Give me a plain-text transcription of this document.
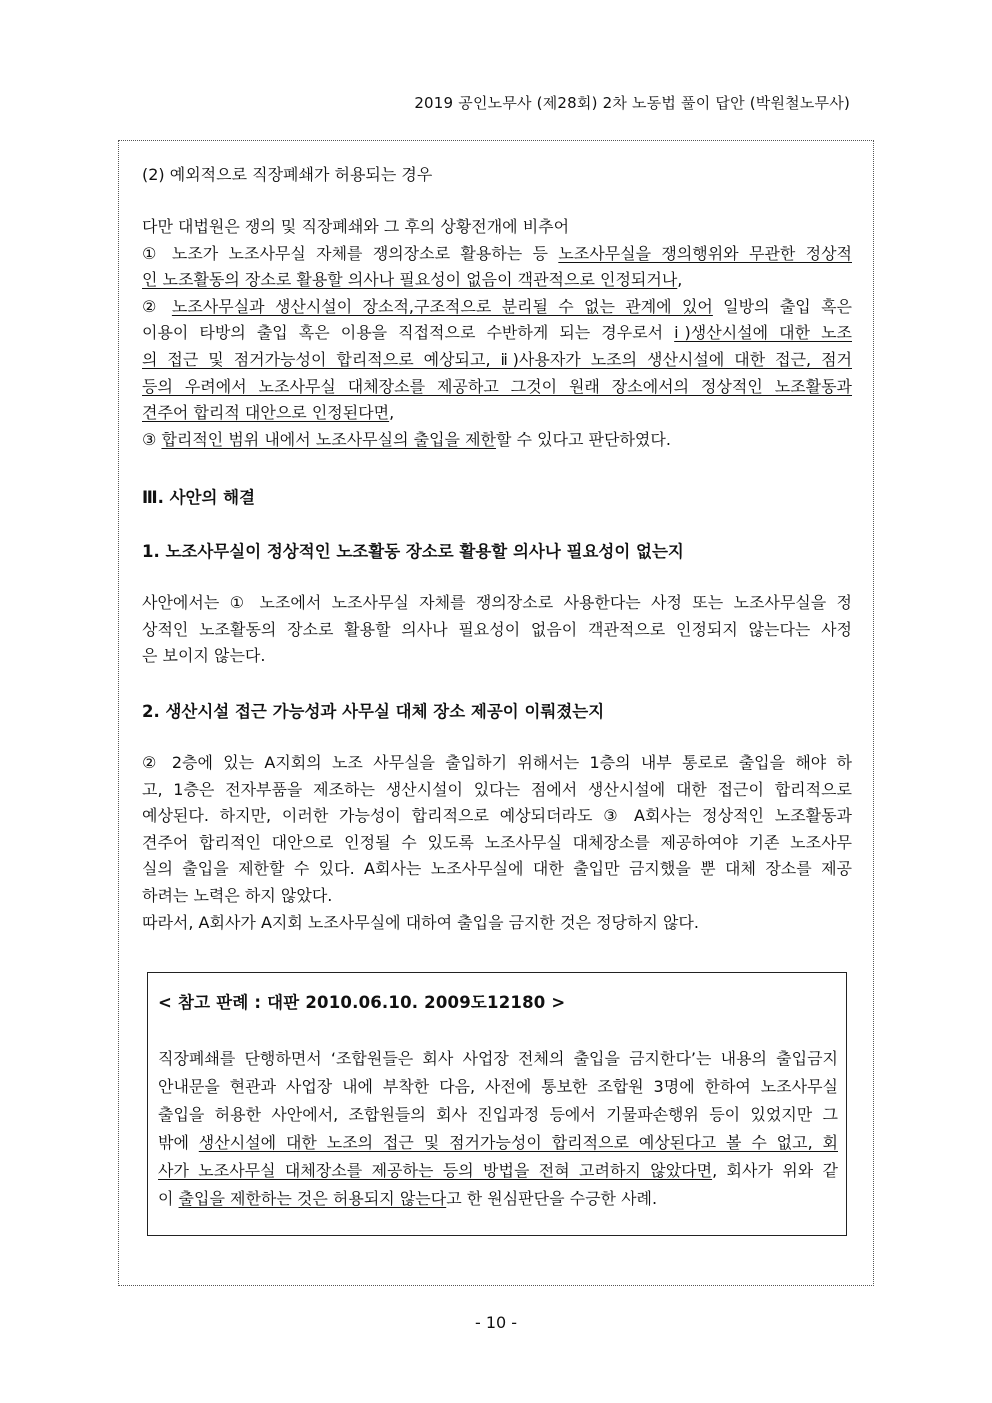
2019 공인노무사 (제28회) 2차 노동법 풀이 답안 (박원철노무사)
(2) 예외적으로 직장폐쇄가 허용되는 경우
다만 대법원은 쟁의 및 직장폐쇄와 그 후의 상황전개에 비추어
① 노조가 노조사무실 자체를 쟁의장소로 활용하는 등 노조사무실을 쟁의행위와 무관한 정상적
인 노조활동의 장소로 활용할 의사나 필요성이 없음이 객관적으로 인정되거나,
② 노조사무실과 생산시설이 장소적,구조적으로 분리될 수 없는 관계에 있어 일방의 출입 혹은
이용이 타방의 출입 혹은 이용을 직접적으로 수반하게 되는 경우로서 ⅰ)생산시설에 대한 노조
의 접근 및 점거가능성이 합리적으로 예상되고, ⅱ)사용자가 노조의 생산시설에 대한 접근, 점거
등의 우려에서 노조사무실 대체장소를 제공하고 그것이 원래 장소에서의 정상적인 노조활동과
견주어 합리적 대안으로 인정된다면,
③ 합리적인 범위 내에서 노조사무실의 출입을 제한할 수 있다고 판단하였다.
Ⅲ. 사안의 해결
1. 노조사무실이 정상적인 노조활동 장소로 활용할 의사나 필요성이 없는지
사안에서는 ① 노조에서 노조사무실 자체를 쟁의장소로 사용한다는 사정 또는 노조사무실을 정
상적인 노조활동의 장소로 활용할 의사나 필요성이 없음이 객관적으로 인정되지 않는다는 사정
은 보이지 않는다.
2. 생산시설 접근 가능성과 사무실 대체 장소 제공이 이뤄졌는지
② 2층에 있는 A지회의 노조 사무실을 출입하기 위해서는 1층의 내부 통로로 출입을 해야 하
고, 1층은 전자부품을 제조하는 생산시설이 있다는 점에서 생산시설에 대한 접근이 합리적으로
예상된다. 하지만, 이러한 가능성이 합리적으로 예상되더라도 ③ A회사는 정상적인 노조활동과
견주어 합리적인 대안으로 인정될 수 있도록 노조사무실 대체장소를 제공하여야 기존 노조사무
실의 출입을 제한할 수 있다. A회사는 노조사무실에 대한 출입만 금지했을 뿐 대체 장소를 제공
하려는 노력은 하지 않았다.
따라서, A회사가 A지회 노조사무실에 대하여 출입을 금지한 것은 정당하지 않다.
< 참고 판례 : 대판 2010.06.10. 2009도12180 >
직장폐쇄를 단행하면서 ‘조합원들은 회사 사업장 전체의 출입을 금지한다’는 내용의 출입금지
안내문을 현관과 사업장 내에 부착한 다음, 사전에 통보한 조합원 3명에 한하여 노조사무실
출입을 허용한 사안에서, 조합원들의 회사 진입과정 등에서 기물파손행위 등이 있었지만 그
밖에 생산시설에 대한 노조의 접근 및 점거가능성이 합리적으로 예상된다고 볼 수 없고, 회
사가 노조사무실 대체장소를 제공하는 등의 방법을 전혀 고려하지 않았다면, 회사가 위와 같
이 출입을 제한하는 것은 허용되지 않는다고 한 원심판단을 수긍한 사례.
- 10 -
